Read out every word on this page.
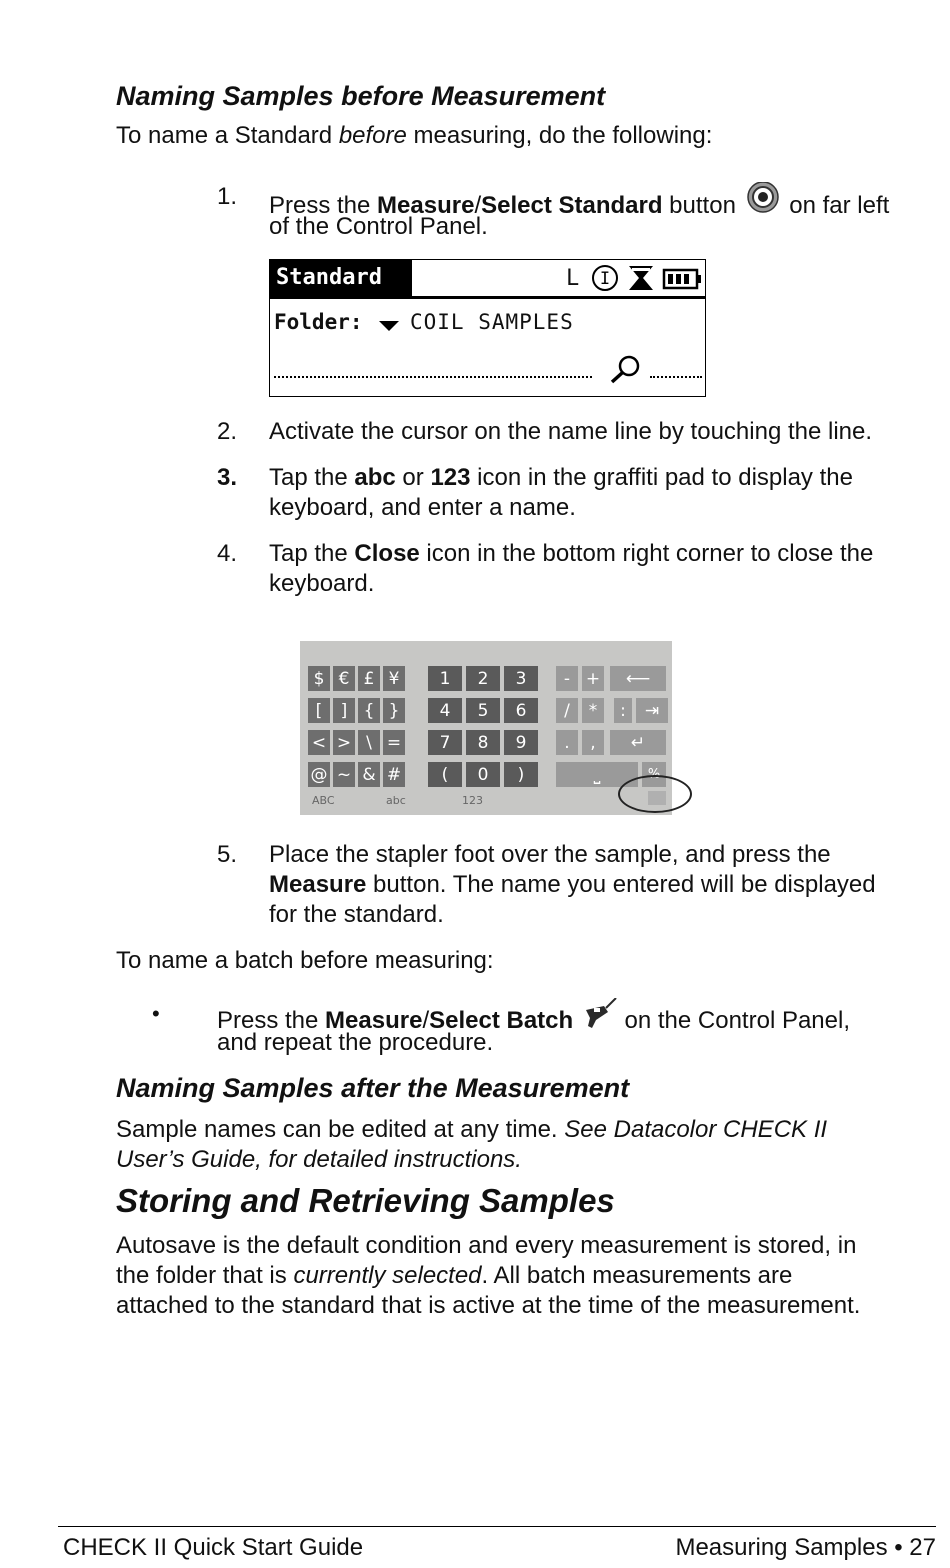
Naming Samples before Measurement
To name a Standard before measuring, do the following:
1. Press the Measure/Select Standard button  on far left
of the Control Panel.
Standard	L I
Folder: COIL SAMPLES
2. Activate the cursor on the name line by touching the line.
3. Tap the abc or 123 icon in the graffiti pad to display the
keyboard, and enter a name.
4. Tap the Close icon in the bottom right corner to close the
keyboard.
$ € £ ¥	1	2	3	- +	⟵
[	] { }	4	5	6	/	*	:	⇥
< > \ =	7	8	9	.	,	↵
@ ~ & #	(	0	)	⎵	%
ABC	abc	123
5. Place the stapler foot over the sample, and press the
Measure button. The name you entered will be displayed
for the standard.
To name a batch before measuring:
• Press the Measure/Select Batch  on the Control Panel,
and repeat the procedure.
Naming Samples after the Measurement
Sample names can be edited at any time. See Datacolor CHECK II
User’s Guide, for detailed instructions.
Storing and Retrieving Samples
Autosave is the default condition and every measurement is stored, in
the folder that is currently selected. All batch measurements are
attached to the standard that is active at the time of the measurement.
CHECK II Quick Start Guide	Measuring Samples • 27
